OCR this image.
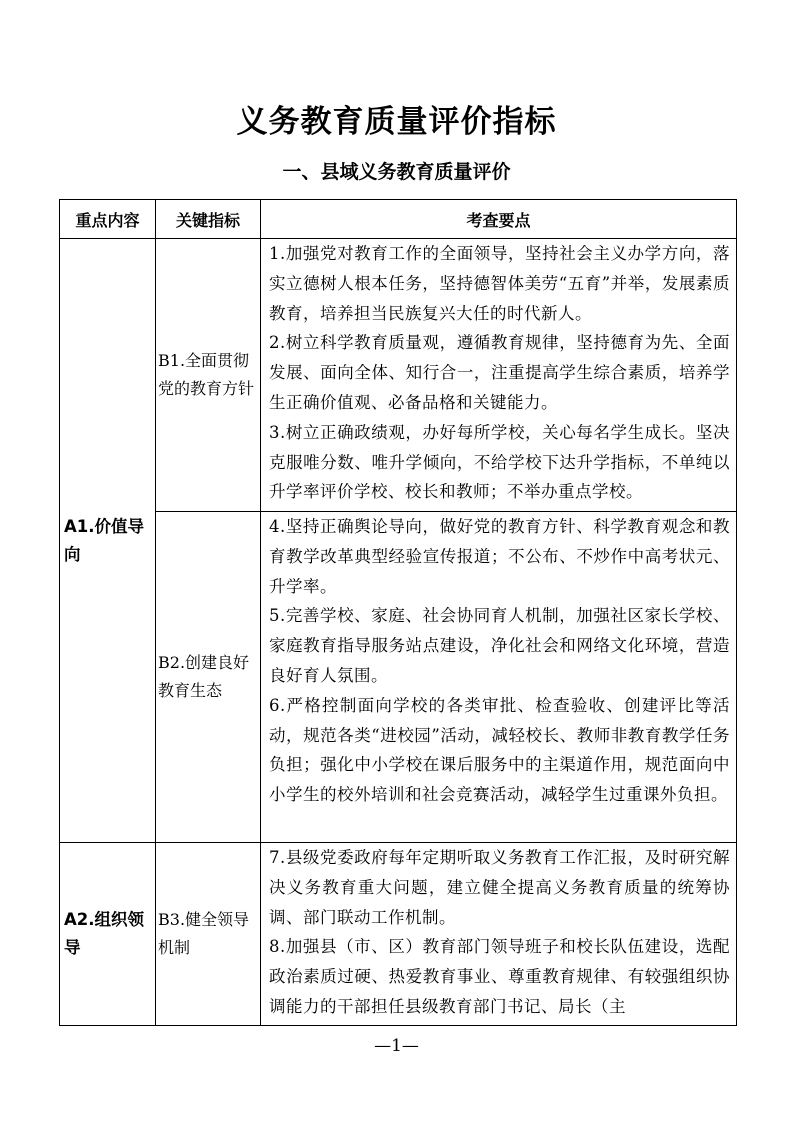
义务教育质量评价指标
一、县域义务教育质量评价
重点内容	关键指标	考查要点
A1.价值导向	B1.全面贯彻党的教育方针	1.加强党对教育工作的全面领导，坚持社会主义办学方向，落实立德树人根本任务，坚持德智体美劳“五育”并举，发展素质教育，培养担当民族复兴大任的时代新人。
2.树立科学教育质量观，遵循教育规律，坚持德育为先、全面发展、面向全体、知行合一，注重提高学生综合素质，培养学生正确价值观、必备品格和关键能力。
3.树立正确政绩观，办好每所学校，关心每名学生成长。坚决克服唯分数、唯升学倾向，不给学校下达升学指标，不单纯以升学率评价学校、校长和教师；不举办重点学校。

	B2.创建良好教育生态	4.坚持正确舆论导向，做好党的教育方针、科学教育观念和教育教学改革典型经验宣传报道；不公布、不炒作中高考状元、升学率。
5.完善学校、家庭、社会协同育人机制，加强社区家长学校、家庭教育指导服务站点建设，净化社会和网络文化环境，营造良好育人氛围。
6.严格控制面向学校的各类审批、检查验收、创建评比等活动，规范各类“进校园”活动，减轻校长、教师非教育教学任务负担；强化中小学校在课后服务中的主渠道作用，规范面向中小学生的校外培训和社会竞赛活动，减轻学生过重课外负担。

A2.组织领导	B3.健全领导机制	7.县级党委政府每年定期听取义务教育工作汇报，及时研究解决义务教育重大问题，建立健全提高义务教育质量的统筹协调、部门联动工作机制。
8.加强县（市、区）教育部门领导班子和校长队伍建设，选配政治素质过硬、热爱教育事业、尊重教育规律、有较强组织协调能力的干部担任县级教育部门书记、局长（主
—1—
